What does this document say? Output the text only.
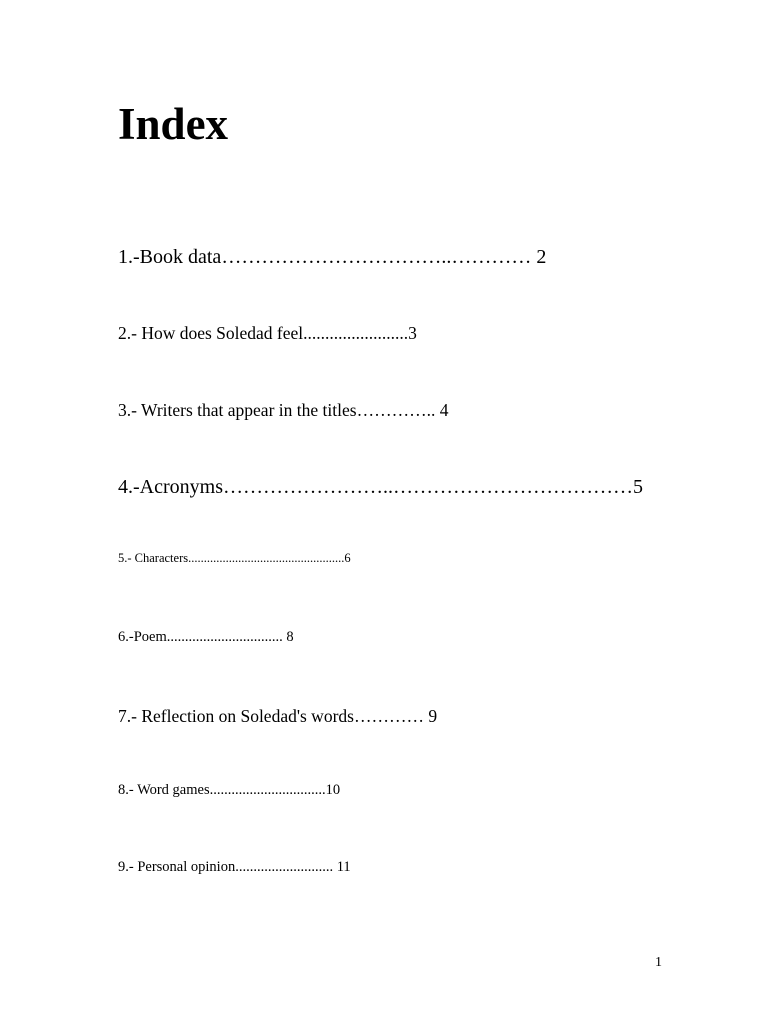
Index
1.-Book data……………………………..………… 2
2.- How does Soledad feel........................3
3.- Writers that appear in the titles………….. 4
4.-Acronyms……………………..………………………………5
5.- Characters..................................................6
6.-Poem................................ 8
7.- Reflection on Soledad's words………… 9
8.- Word games................................10
9.- Personal opinion........................... 11
1
